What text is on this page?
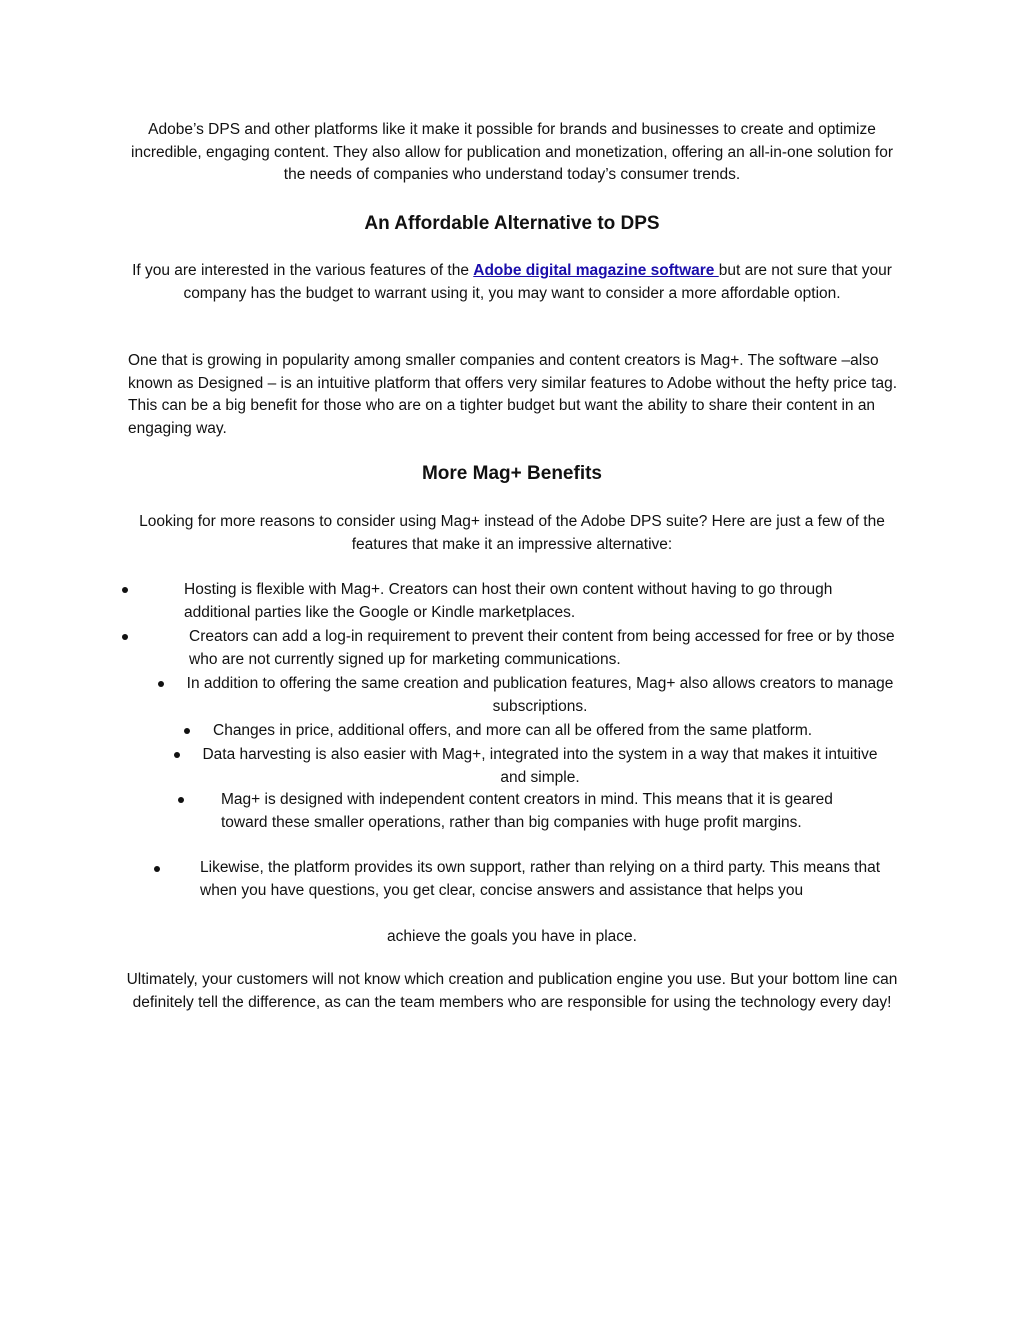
Adobe’s DPS and other platforms like it make it possible for brands and businesses to create and optimize incredible, engaging content. They also allow for publication and monetization, offering an all-in-one solution for the needs of companies who understand today’s consumer trends.

An Affordable Alternative to DPS

If you are interested in the various features of the Adobe digital magazine software but are not sure that your company has the budget to warrant using it, you may want to consider a more affordable option.

One that is growing in popularity among smaller companies and content creators is Mag+. The software –also known as Designed – is an intuitive platform that offers very similar features to Adobe without the hefty price tag. This can be a big benefit for those who are on a tighter budget but want the ability to share their content in an engaging way.

More Mag+ Benefits

Looking for more reasons to consider using Mag+ instead of the Adobe DPS suite? Here are just a few of the features that make it an impressive alternative:

Hosting is flexible with Mag+. Creators can host their own content without having to go through additional parties like the Google or Kindle marketplaces.

Creators can add a log-in requirement to prevent their content from being accessed for free or by those who are not currently signed up for marketing communications.

In addition to offering the same creation and publication features, Mag+ also allows creators to manage subscriptions.

Changes in price, additional offers, and more can all be offered from the same platform.

Data harvesting is also easier with Mag+, integrated into the system in a way that makes it intuitive and simple.

Mag+ is designed with independent content creators in mind. This means that it is geared toward these smaller operations, rather than big companies with huge profit margins.

Likewise, the platform provides its own support, rather than relying on a third party. This means that when you have questions, you get clear, concise answers and assistance that helps you

achieve the goals you have in place.

Ultimately, your customers will not know which creation and publication engine you use. But your bottom line can definitely tell the difference, as can the team members who are responsible for using the technology every day!
